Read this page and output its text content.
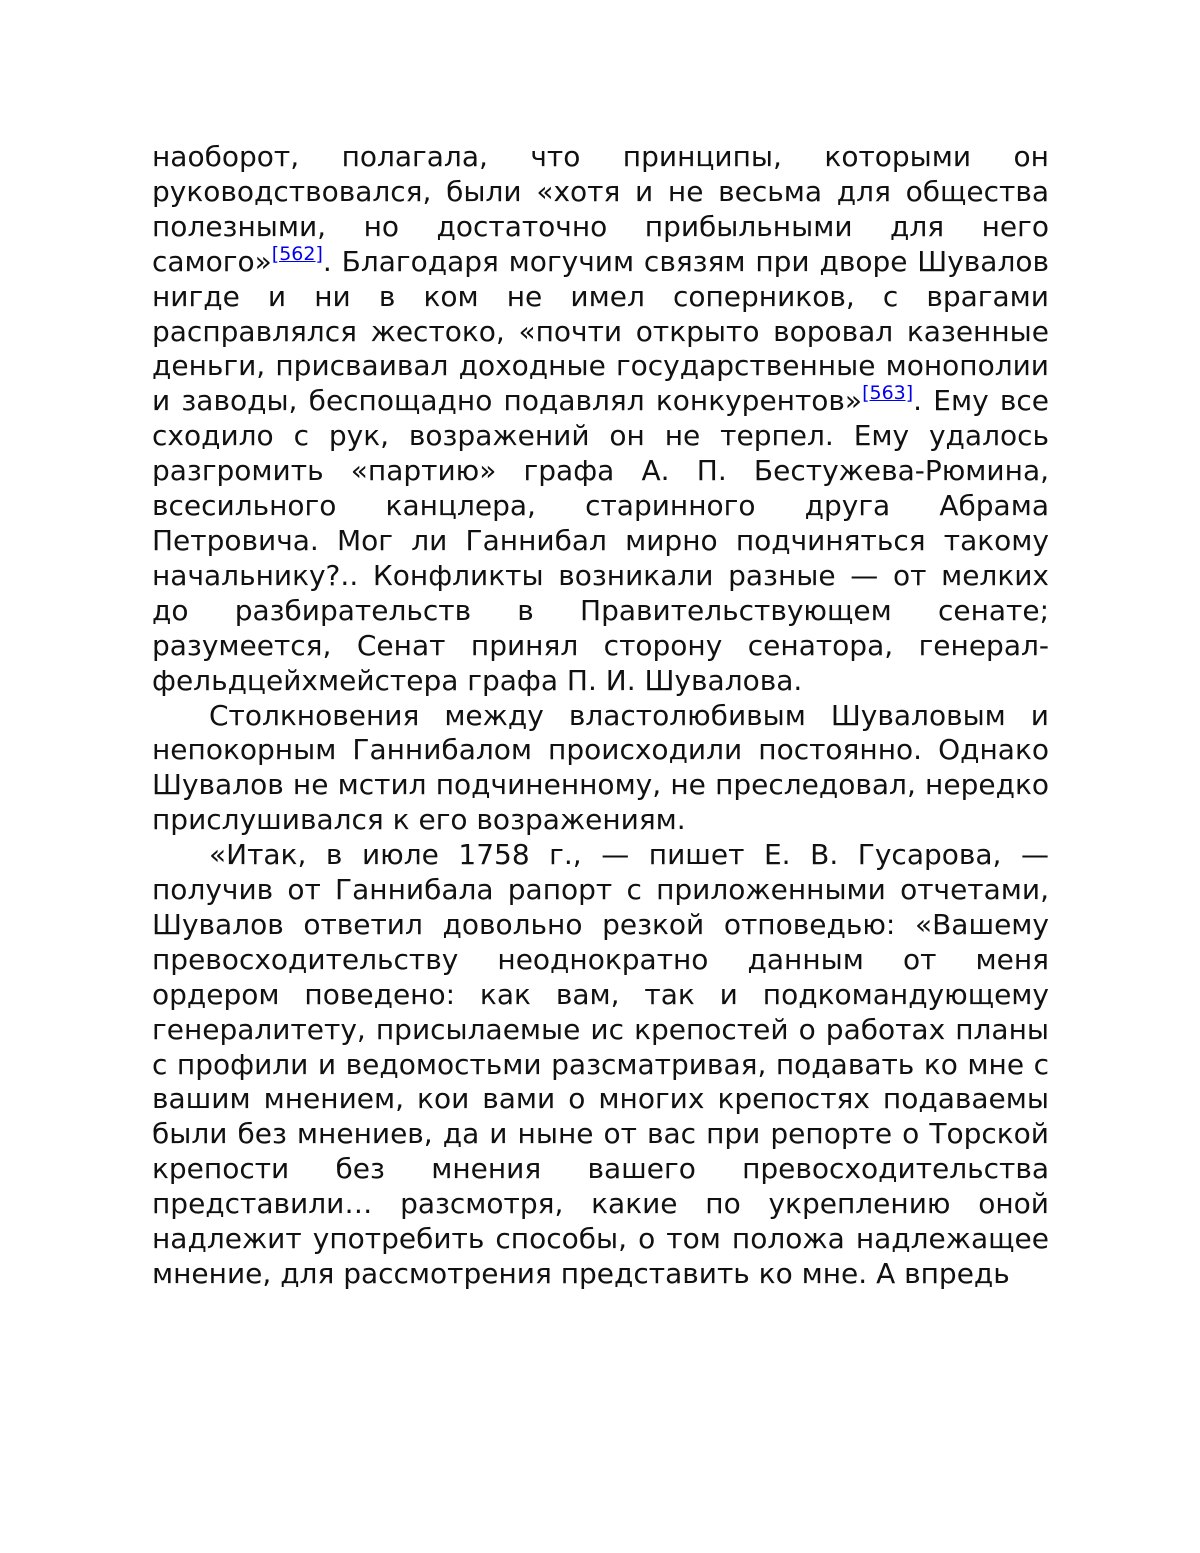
наоборот, полагала, что принципы, которыми он руководствовался, были «хотя и не весьма для общества полезными, но достаточно прибыльными для него самого»[562]. Благодаря могучим связям при дворе Шувалов нигде и ни в ком не имел соперников, с врагами расправлялся жестоко, «почти открыто воровал казенные деньги, присваивал доходные государственные монополии и заводы, беспощадно подавлял конкурентов»[563]. Ему все сходило с рук, возражений он не терпел. Ему удалось разгромить «партию» графа А. П. Бестужева-Рюмина, всесильного канцлера, старинного друга Абрама Петровича. Мог ли Ганнибал мирно подчиняться такому начальнику?.. Конфликты возникали разные — от мелких до разбирательств в Правительствующем сенате; разумеется, Сенат принял сторону сенатора, генерал-фельдцейхмейстера графа П. И. Шувалова.

Столкновения между властолюбивым Шуваловым и непокорным Ганнибалом происходили постоянно. Однако Шувалов не мстил подчиненному, не преследовал, нередко прислушивался к его возражениям.

«Итак, в июле 1758 г., — пишет Е. В. Гусарова, — получив от Ганнибала рапорт с приложенными отчетами, Шувалов ответил довольно резкой отповедью: «Вашему превосходительству неоднократно данным от меня ордером поведено: как вам, так и подкомандующему генералитету, присылаемые ис крепостей о работах планы с профили и ведомостьми разсматривая, подавать ко мне с вашим мнением, кои вами о многих крепостях подаваемы были без мнениев, да и ныне от вас при репорте о Торской крепости без мнения вашего превосходительства представили… разсмотря, какие по укреплению оной надлежит употребить способы, о том положа надлежащее мнение, для рассмотрения представить ко мне. А впредь
